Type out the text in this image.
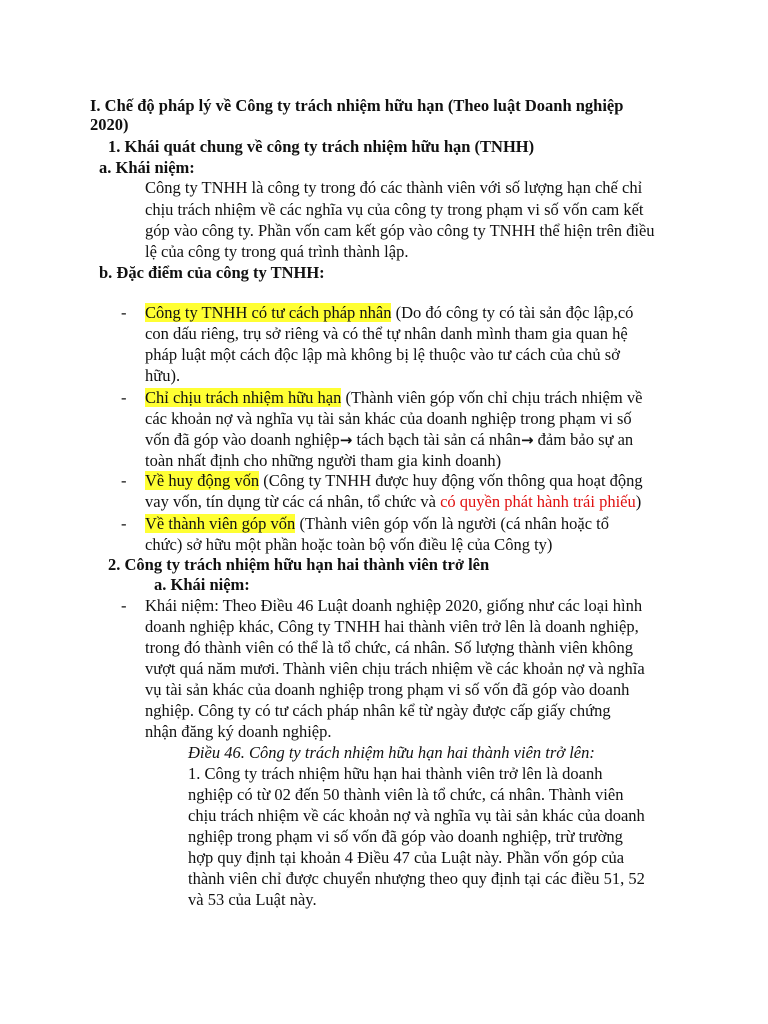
I. Chế độ pháp lý về Công ty trách nhiệm hữu hạn (Theo luật Doanh nghiệp

2020)

1. Khái quát chung về công ty trách nhiệm hữu hạn (TNHH)

a. Khái niệm:

Công ty TNHH là công ty trong đó các thành viên với số lượng hạn chế chỉ

chịu trách nhiệm về các nghĩa vụ của công ty trong phạm vi số vốn cam kết

góp vào công ty. Phần vốn cam kết góp vào công ty TNHH thể hiện trên điều

lệ của công ty trong quá trình thành lập.

b. Đặc điểm của công ty TNHH:

- Công ty TNHH có tư cách pháp nhân (Do đó công ty có tài sản độc lập,có

con dấu riêng, trụ sở riêng và có thể tự nhân danh mình tham gia quan hệ

pháp luật một cách độc lập mà không bị lệ thuộc vào tư cách của chủ sở

hữu).

- Chỉ chịu trách nhiệm hữu hạn (Thành viên góp vốn chỉ chịu trách nhiệm về

các khoản nợ và nghĩa vụ tài sản khác của doanh nghiệp trong phạm vi số

vốn đã góp vào doanh nghiệp→ tách bạch tài sản cá nhân→ đảm bảo sự an

toàn nhất định cho những người tham gia kinh doanh)

- Về huy động vốn (Công ty TNHH được huy động vốn thông qua hoạt động

vay vốn, tín dụng từ các cá nhân, tổ chức và có quyền phát hành trái phiếu)

- Về thành viên góp vốn (Thành viên góp vốn là người (cá nhân hoặc tổ

chức) sở hữu một phần hoặc toàn bộ vốn điều lệ của Công ty)

2. Công ty trách nhiệm hữu hạn hai thành viên trở lên

a. Khái niệm:

- Khái niệm: Theo Điều 46 Luật doanh nghiệp 2020, giống như các loại hình

doanh nghiệp khác, Công ty TNHH hai thành viên trở lên là doanh nghiệp,

trong đó thành viên có thể là tổ chức, cá nhân. Số lượng thành viên không

vượt quá năm mươi. Thành viên chịu trách nhiệm về các khoản nợ và nghĩa

vụ tài sản khác của doanh nghiệp trong phạm vi số vốn đã góp vào doanh

nghiệp. Công ty có tư cách pháp nhân kể từ ngày được cấp giấy chứng

nhận đăng ký doanh nghiệp.

Điều 46. Công ty trách nhiệm hữu hạn hai thành viên trở lên:

1. Công ty trách nhiệm hữu hạn hai thành viên trở lên là doanh

nghiệp có từ 02 đến 50 thành viên là tổ chức, cá nhân. Thành viên

chịu trách nhiệm về các khoản nợ và nghĩa vụ tài sản khác của doanh

nghiệp trong phạm vi số vốn đã góp vào doanh nghiệp, trừ trường

hợp quy định tại khoản 4 Điều 47 của Luật này. Phần vốn góp của

thành viên chỉ được chuyển nhượng theo quy định tại các điều 51, 52

và 53 của Luật này.
